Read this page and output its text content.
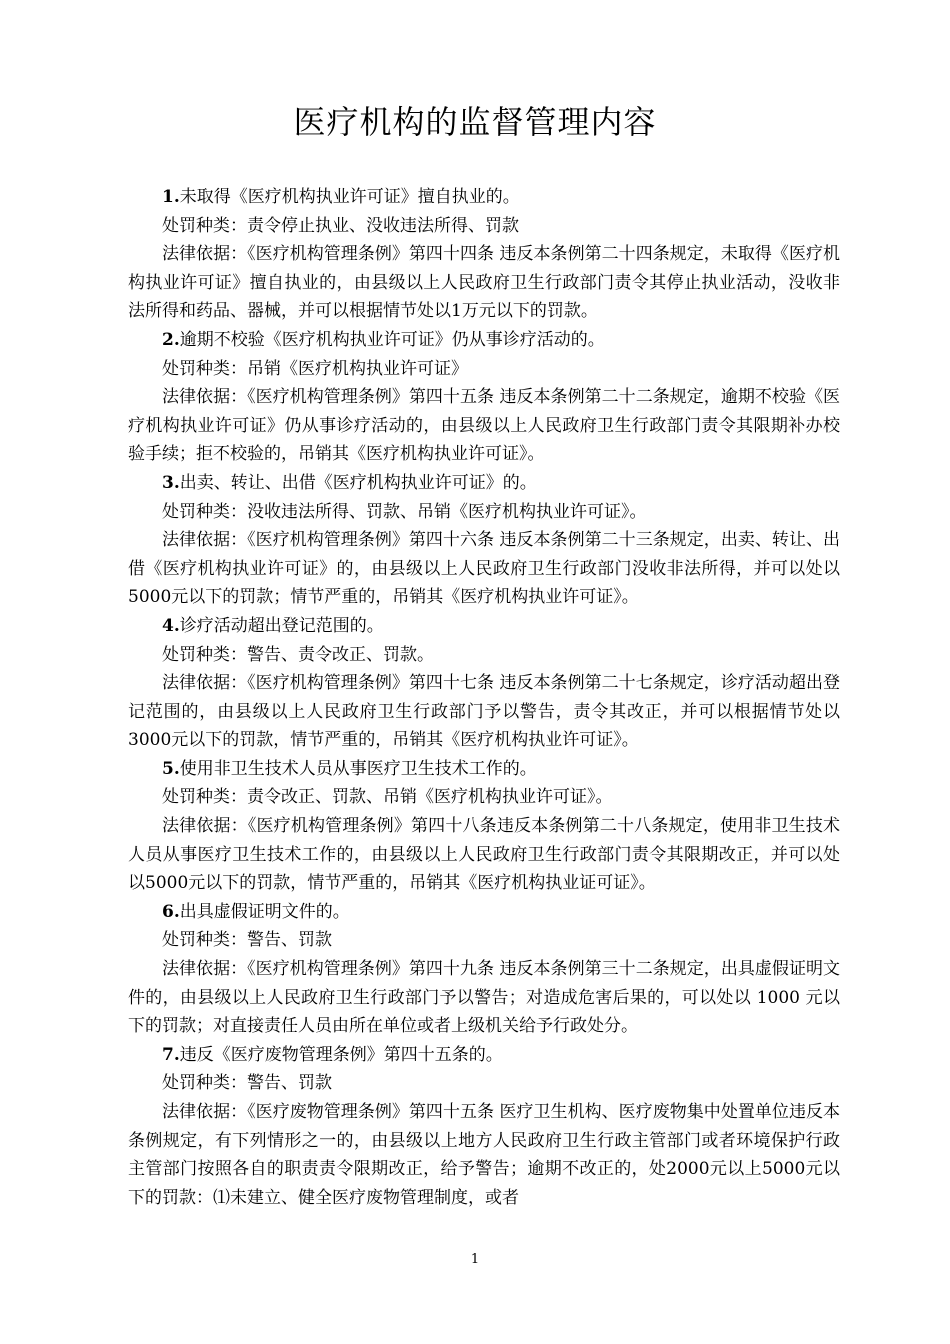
医疗机构的监督管理内容

1.未取得《医疗机构执业许可证》擅自执业的。

处罚种类：责令停止执业、没收违法所得、罚款

法律依据：《医疗机构管理条例》第四十四条 违反本条例第二十四条规定，未取得《医疗机构执业许可证》擅自执业的，由县级以上人民政府卫生行政部门责令其停止执业活动，没收非法所得和药品、器械，并可以根据情节处以1万元以下的罚款。

2.逾期不校验《医疗机构执业许可证》仍从事诊疗活动的。

处罚种类：吊销《医疗机构执业许可证》

法律依据：《医疗机构管理条例》第四十五条 违反本条例第二十二条规定，逾期不校验《医疗机构执业许可证》仍从事诊疗活动的，由县级以上人民政府卫生行政部门责令其限期补办校验手续；拒不校验的，吊销其《医疗机构执业许可证》。

3.出卖、转让、出借《医疗机构执业许可证》的。

处罚种类：没收违法所得、罚款、吊销《医疗机构执业许可证》。

法律依据：《医疗机构管理条例》第四十六条 违反本条例第二十三条规定，出卖、转让、出借《医疗机构执业许可证》的，由县级以上人民政府卫生行政部门没收非法所得，并可以处以5000元以下的罚款；情节严重的，吊销其《医疗机构执业许可证》。

4.诊疗活动超出登记范围的。

处罚种类：警告、责令改正、罚款。

法律依据：《医疗机构管理条例》第四十七条 违反本条例第二十七条规定，诊疗活动超出登记范围的，由县级以上人民政府卫生行政部门予以警告，责令其改正，并可以根据情节处以3000元以下的罚款，情节严重的，吊销其《医疗机构执业许可证》。

5.使用非卫生技术人员从事医疗卫生技术工作的。

处罚种类：责令改正、罚款、吊销《医疗机构执业许可证》。

法律依据：《医疗机构管理条例》第四十八条违反本条例第二十八条规定，使用非卫生技术人员从事医疗卫生技术工作的，由县级以上人民政府卫生行政部门责令其限期改正，并可以处以5000元以下的罚款，情节严重的，吊销其《医疗机构执业证可证》。

6.出具虚假证明文件的。

处罚种类：警告、罚款

法律依据：《医疗机构管理条例》第四十九条 违反本条例第三十二条规定，出具虚假证明文件的，由县级以上人民政府卫生行政部门予以警告；对造成危害后果的，可以处以 1000 元以下的罚款；对直接责任人员由所在单位或者上级机关给予行政处分。

7.违反《医疗废物管理条例》第四十五条的。

处罚种类：警告、罚款

法律依据：《医疗废物管理条例》第四十五条 医疗卫生机构、医疗废物集中处置单位违反本条例规定，有下列情形之一的，由县级以上地方人民政府卫生行政主管部门或者环境保护行政主管部门按照各自的职责责令限期改正，给予警告；逾期不改正的，处2000元以上5000元以下的罚款：⑴未建立、健全医疗废物管理制度，或者

1
